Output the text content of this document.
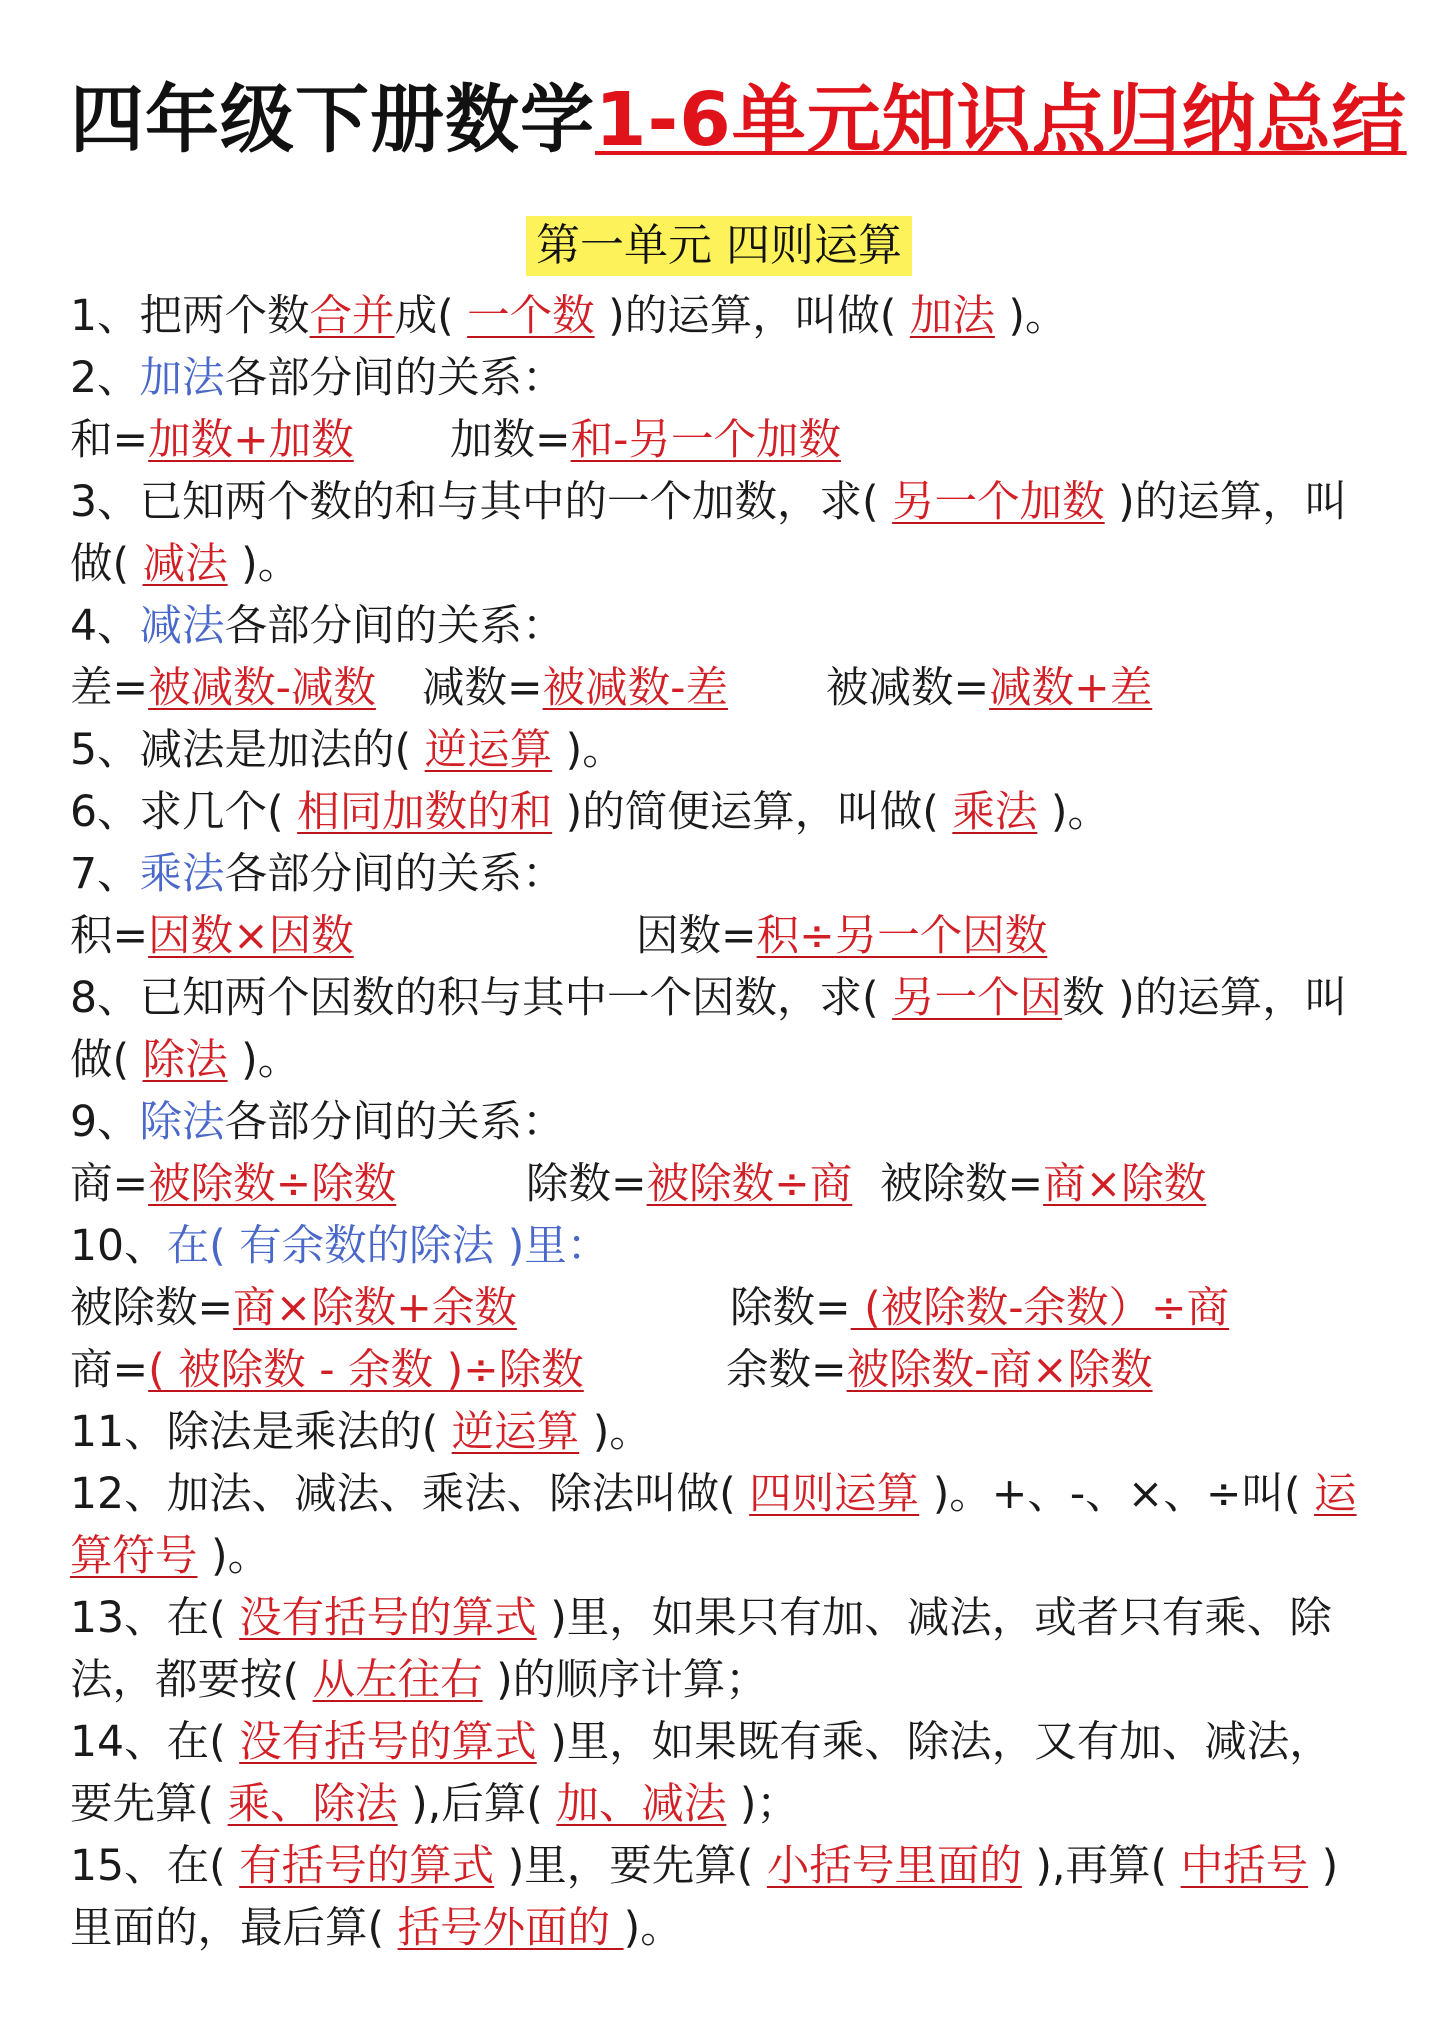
四年级下册数学1-6单元知识点归纳总结
第一单元 四则运算
1、把两个数合并成( 一个数 )的运算，叫做( 加法 )。
2、加法各部分间的关系：
和=加数+加数 加数=和-另一个加数
3、已知两个数的和与其中的一个加数，求( 另一个加数 )的运算，叫
做( 减法 )。
4、减法各部分间的关系：
差=被减数-减数 减数=被减数-差 被减数=减数+差
5、减法是加法的( 逆运算 )。
6、求几个( 相同加数的和 )的简便运算，叫做( 乘法 )。
7、乘法各部分间的关系：
积=因数×因数	因数=积÷另一个因数
8、已知两个因数的积与其中一个因数，求( 另一个因数 )的运算，叫
做( 除法 )。
9、除法各部分间的关系：
商=被除数÷除数	除数=被除数÷商 被除数=商×除数
10、在( 有余数的除法 )里：
被除数=商×除数+余数	除数= (被除数-余数）÷商
商=( 被除数 - 余数 )÷除数	余数=被除数-商×除数
11、除法是乘法的( 逆运算 )。
12、加法、减法、乘法、除法叫做( 四则运算 )。+、-、×、÷叫( 运
算符号 )。
13、在( 没有括号的算式 )里，如果只有加、减法，或者只有乘、除
法，都要按( 从左往右 )的顺序计算；
14、在( 没有括号的算式 )里，如果既有乘、除法，又有加、减法，
要先算( 乘、除法 ),后算( 加、减法 )；
15、在( 有括号的算式 )里，要先算( 小括号里面的 ),再算( 中括号 )
里面的，最后算( 括号外面的 )。
